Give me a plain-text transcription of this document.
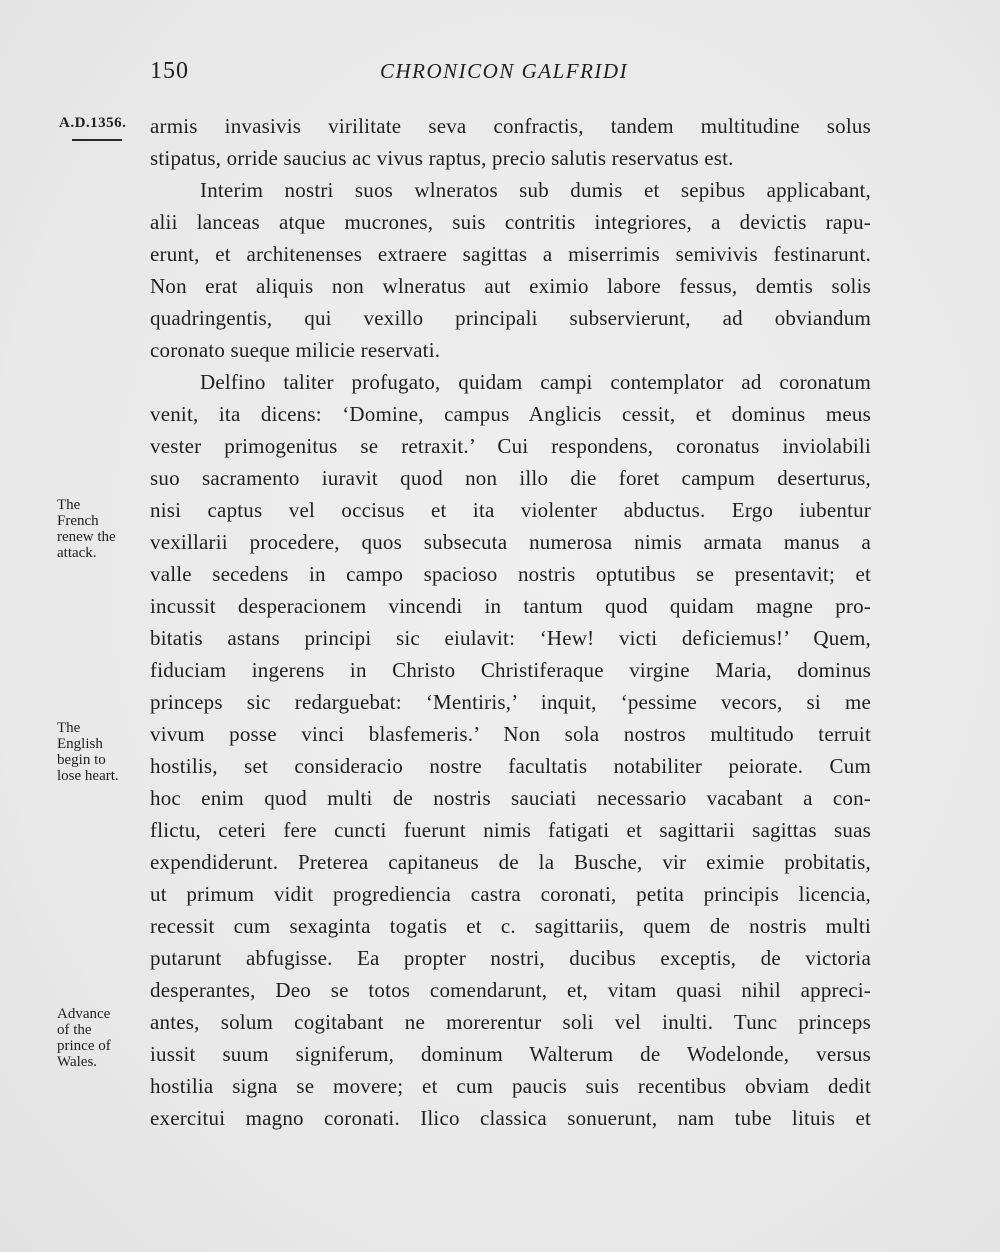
150	CHRONICON GALFRIDI
A.D.1356.
The
French
renew the
attack.
The
English
begin to
lose heart.
Advance
of the
prince of
Wales.
armis invasivis virilitate seva confractis, tandem multitudine solus
stipatus, orride saucius ac vivus raptus, precio salutis reservatus est.
Interim nostri suos wlneratos sub dumis et sepibus applicabant,
alii lanceas atque mucrones, suis contritis integriores, a devictis rapu-
erunt, et architenenses extraere sagittas a miserrimis semivivis festinarunt.
Non erat aliquis non wlneratus aut eximio labore fessus, demtis solis
quadringentis, qui vexillo principali subservierunt, ad obviandum
coronato sueque milicie reservati.
Delfino taliter profugato, quidam campi contemplator ad coronatum
venit, ita dicens: ‘Domine, campus Anglicis cessit, et dominus meus
vester primogenitus se retraxit.’ Cui respondens, coronatus inviolabili
suo sacramento iuravit quod non illo die foret campum deserturus,
nisi captus vel occisus et ita violenter abductus. Ergo iubentur
vexillarii procedere, quos subsecuta numerosa nimis armata manus a
valle secedens in campo spacioso nostris optutibus se presentavit; et
incussit desperacionem vincendi in tantum quod quidam magne pro-
bitatis astans principi sic eiulavit: ‘Hew! victi deficiemus!’ Quem,
fiduciam ingerens in Christo Christiferaque virgine Maria, dominus
princeps sic redarguebat: ‘Mentiris,’ inquit, ‘pessime vecors, si me
vivum posse vinci blasfemeris.’ Non sola nostros multitudo terruit
hostilis, set consideracio nostre facultatis notabiliter peiorate. Cum
hoc enim quod multi de nostris sauciati necessario vacabant a con-
flictu, ceteri fere cuncti fuerunt nimis fatigati et sagittarii sagittas suas
expendiderunt. Preterea capitaneus de la Busche, vir eximie probitatis,
ut primum vidit progrediencia castra coronati, petita principis licencia,
recessit cum sexaginta togatis et c. sagittariis, quem de nostris multi
putarunt abfugisse. Ea propter nostri, ducibus exceptis, de victoria
desperantes, Deo se totos comendarunt, et, vitam quasi nihil appreci-
antes, solum cogitabant ne morerentur soli vel inulti. Tunc princeps
iussit suum signiferum, dominum Walterum de Wodelonde, versus
hostilia signa se movere; et cum paucis suis recentibus obviam dedit
exercitui magno coronati. Ilico classica sonuerunt, nam tube lituis et
